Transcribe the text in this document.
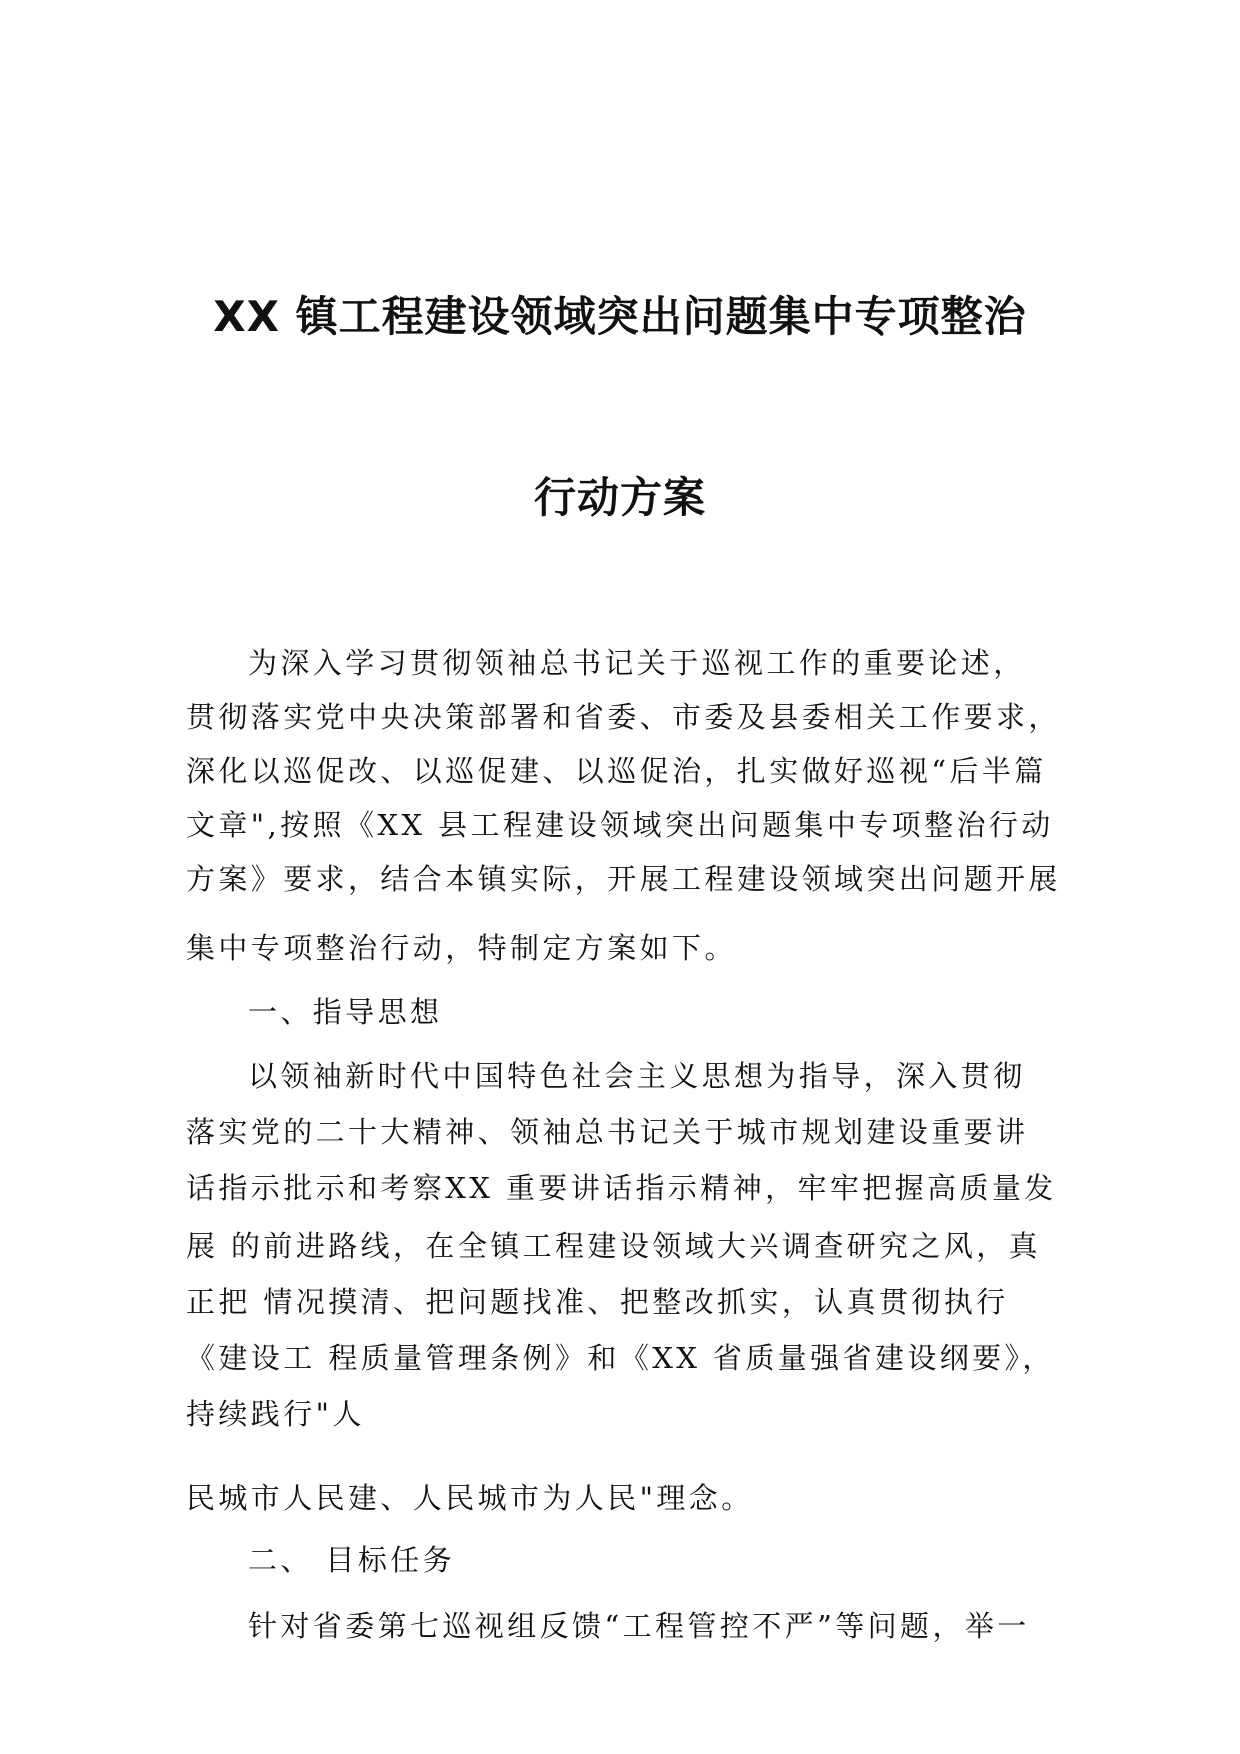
XX 镇工程建设领域突出问题集中专项整治
行动方案
为深入学习贯彻领袖总书记关于巡视工作的重要论述，
贯彻落实党中央决策部署和省委、市委及县委相关工作要求，
深化以巡促改、以巡促建、以巡促治，扎实做好巡视“后半篇
文章",按照《XX 县工程建设领域突出问题集中专项整治行动
方案》要求，结合本镇实际，开展工程建设领域突出问题开展
集中专项整治行动，特制定方案如下。
一、指导思想
以领袖新时代中国特色社会主义思想为指导，深入贯彻
落实党的二十大精神、领袖总书记关于城市规划建设重要讲
话指示批示和考察XX 重要讲话指示精神，牢牢把握高质量发
展 的前进路线，在全镇工程建设领域大兴调查研究之风，真
正把 情况摸清、把问题找准、把整改抓实，认真贯彻执行
《建设工 程质量管理条例》和《XX 省质量强省建设纲要》，
持续践行"人
民城市人民建、人民城市为人民"理念。
二、 目标任务
针对省委第七巡视组反馈“工程管控不严”等问题，举一
